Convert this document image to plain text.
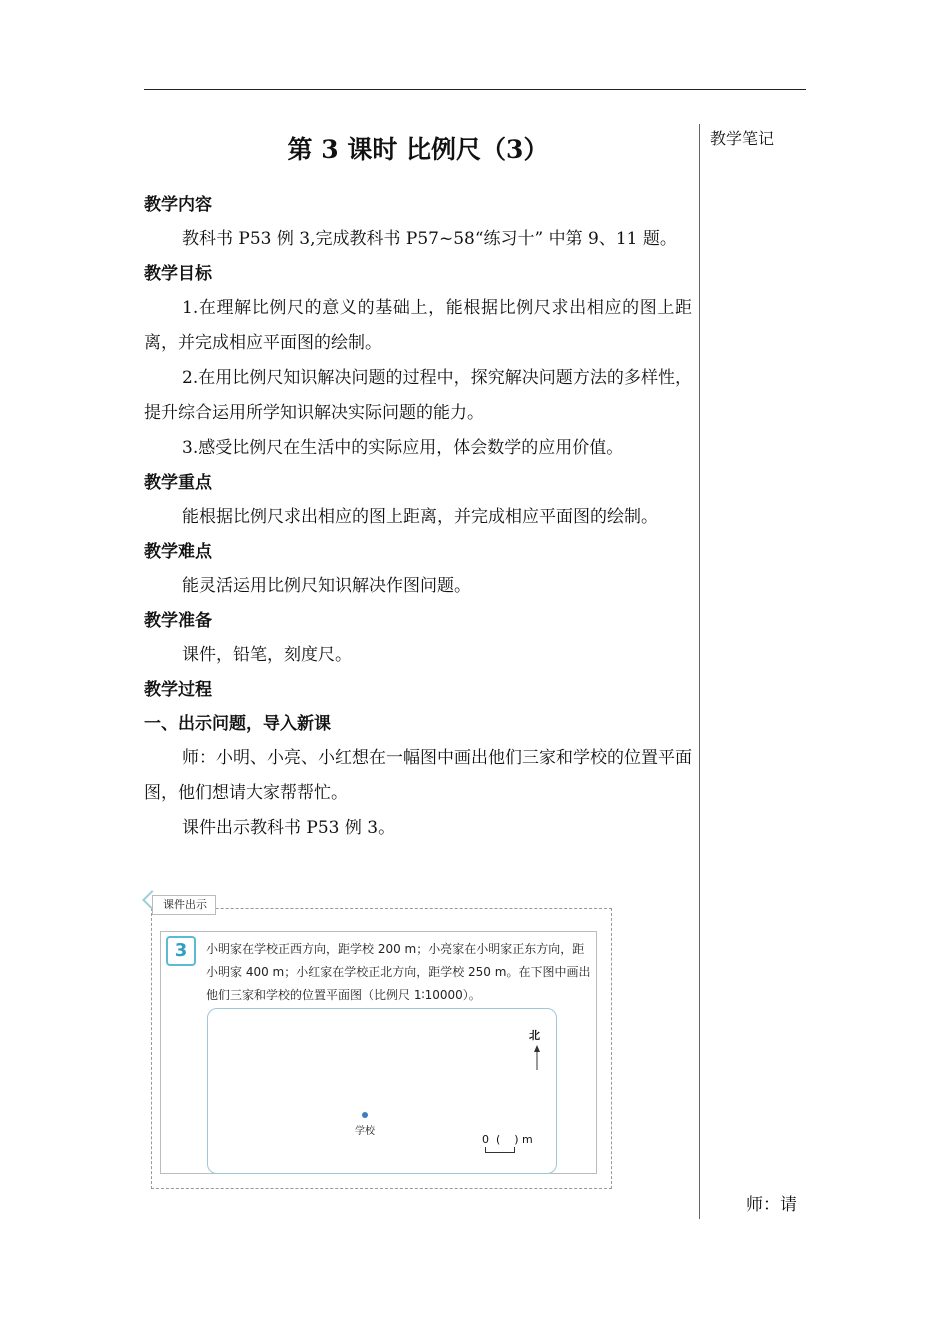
教学笔记
第 3 课时 比例尺（3）
教学内容
教科书 P53 例 3,完成教科书 P57~58“练习十” 中第 9、11 题。
教学目标
1.在理解比例尺的意义的基础上，能根据比例尺求出相应的图上距离，并完成相应平面图的绘制。
2.在用比例尺知识解决问题的过程中，探究解决问题方法的多样性，提升综合运用所学知识解决实际问题的能力。
3.感受比例尺在生活中的实际应用，体会数学的应用价值。
教学重点
能根据比例尺求出相应的图上距离，并完成相应平面图的绘制。
教学难点
能灵活运用比例尺知识解决作图问题。
教学准备
课件，铅笔，刻度尺。
教学过程
一、出示问题，导入新课
师：小明、小亮、小红想在一幅图中画出他们三家和学校的位置平面图，他们想请大家帮帮忙。
课件出示教科书 P53 例 3。
课件出示
3	小明家在学校正西方向，距学校 200 m；小亮家在小明家正东方向，距小明家 400 m；小红家在学校正北方向，距学校 250 m。在下图中画出他们三家和学校的位置平面图（比例尺 1∶10000）。
北
学校
0  (    ) m
师：请
